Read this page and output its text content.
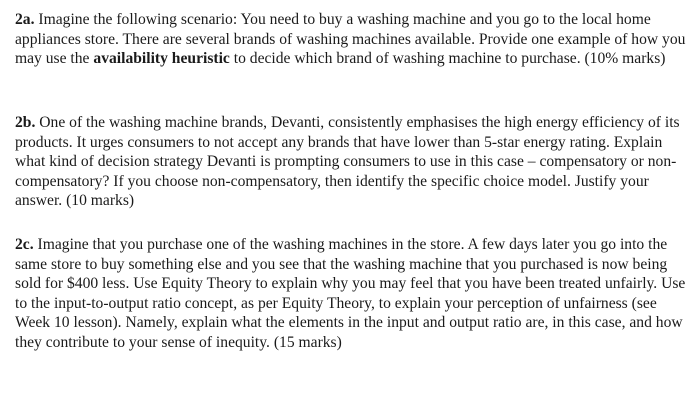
2a. Imagine the following scenario: You need to buy a washing machine and you go to the local home appliances store. There are several brands of washing machines available. Provide one example of how you may use the availability heuristic to decide which brand of washing machine to purchase. (10% marks)

2b. One of the washing machine brands, Devanti, consistently emphasises the high energy efficiency of its products. It urges consumers to not accept any brands that have lower than 5-star energy rating. Explain what kind of decision strategy Devanti is prompting consumers to use in this case – compensatory or non-compensatory? If you choose non-compensatory, then identify the specific choice model. Justify your answer. (10 marks)

2c. Imagine that you purchase one of the washing machines in the store. A few days later you go into the same store to buy something else and you see that the washing machine that you purchased is now being sold for $400 less. Use Equity Theory to explain why you may feel that you have been treated unfairly. Use to the input-to-output ratio concept, as per Equity Theory, to explain your perception of unfairness (see Week 10 lesson). Namely, explain what the elements in the input and output ratio are, in this case, and how they contribute to your sense of inequity. (15 marks)
